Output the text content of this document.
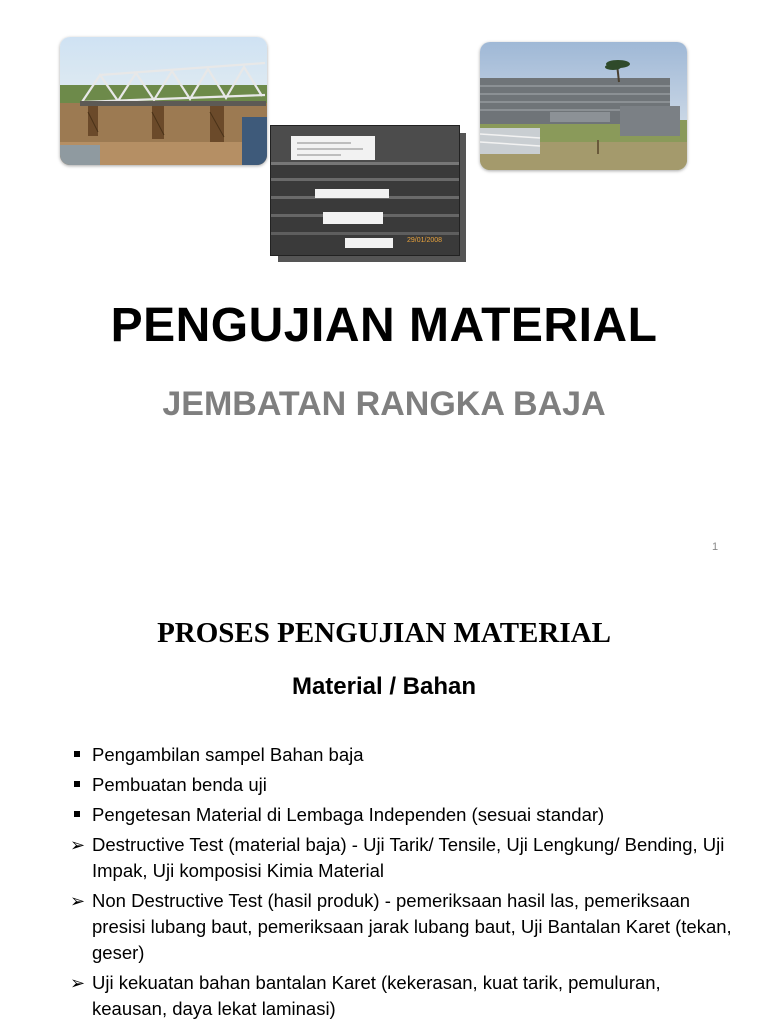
29/01/2008
PENGUJIAN MATERIAL
JEMBATAN RANGKA BAJA
1
PROSES PENGUJIAN MATERIAL
Material / Bahan
Pengambilan sampel Bahan baja
Pembuatan benda uji
Pengetesan Material di Lembaga Independen (sesuai standar)
➢ Destructive Test (material baja) - Uji Tarik/ Tensile, Uji Lengkung/ Bending, Uji Impak, Uji komposisi Kimia Material
➢ Non Destructive Test (hasil produk) - pemeriksaan hasil las, pemeriksaan presisi lubang baut, pemeriksaan jarak lubang baut, Uji Bantalan Karet (tekan, geser)
➢ Uji kekuatan bahan bantalan Karet (kekerasan, kuat tarik, pemuluran, keausan, daya lekat laminasi)
